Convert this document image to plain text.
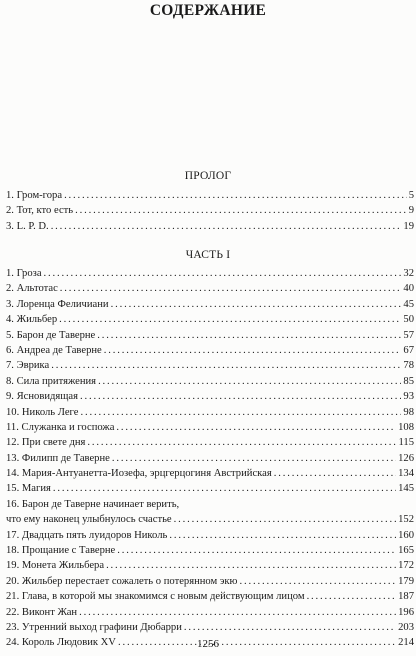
СОДЕРЖАНИЕ
ПРОЛОГ
1. Гром-гора . . .	5
2. Тот, кто есть . . .	9
3. L. P. D. . . .	19
ЧАСТЬ I
1. Гроза . . .	32
2. Альтотас . . .	40
3. Лоренца Феличиани . . .	45
4. Жильбер . . .	50
5. Барон де Таверне . . .	57
6. Андреа де Таверне . . .	67
7. Эврика . . .	78
8. Сила притяжения . . .	85
9. Ясновидящая . . .	93
10. Николь Леге . . .	98
11. Служанка и госпожа . . .	108
12. При свете дня . . .	115
13. Филипп де Таверне . . .	126
14. Мария-Антуанетта-Иозефа, эрцгерцогиня Австрийская . . .	134
15. Магия . . .	145
16. Барон де Таверне начинает верить,
что ему наконец улыбнулось счастье . . .	152
17. Двадцать пять луидоров Николь . . .	160
18. Прощание с Таверне . . .	165
19. Монета Жильбера . . .	172
20. Жильбер перестает сожалеть о потерянном экю . . .	179
21. Глава, в которой мы знакомимся с новым действующим лицом . . .	187
22. Виконт Жан . . .	196
23. Утренний выход графини Дюбарри . . .	203
24. Король Людовик XV . . .	214
1256
